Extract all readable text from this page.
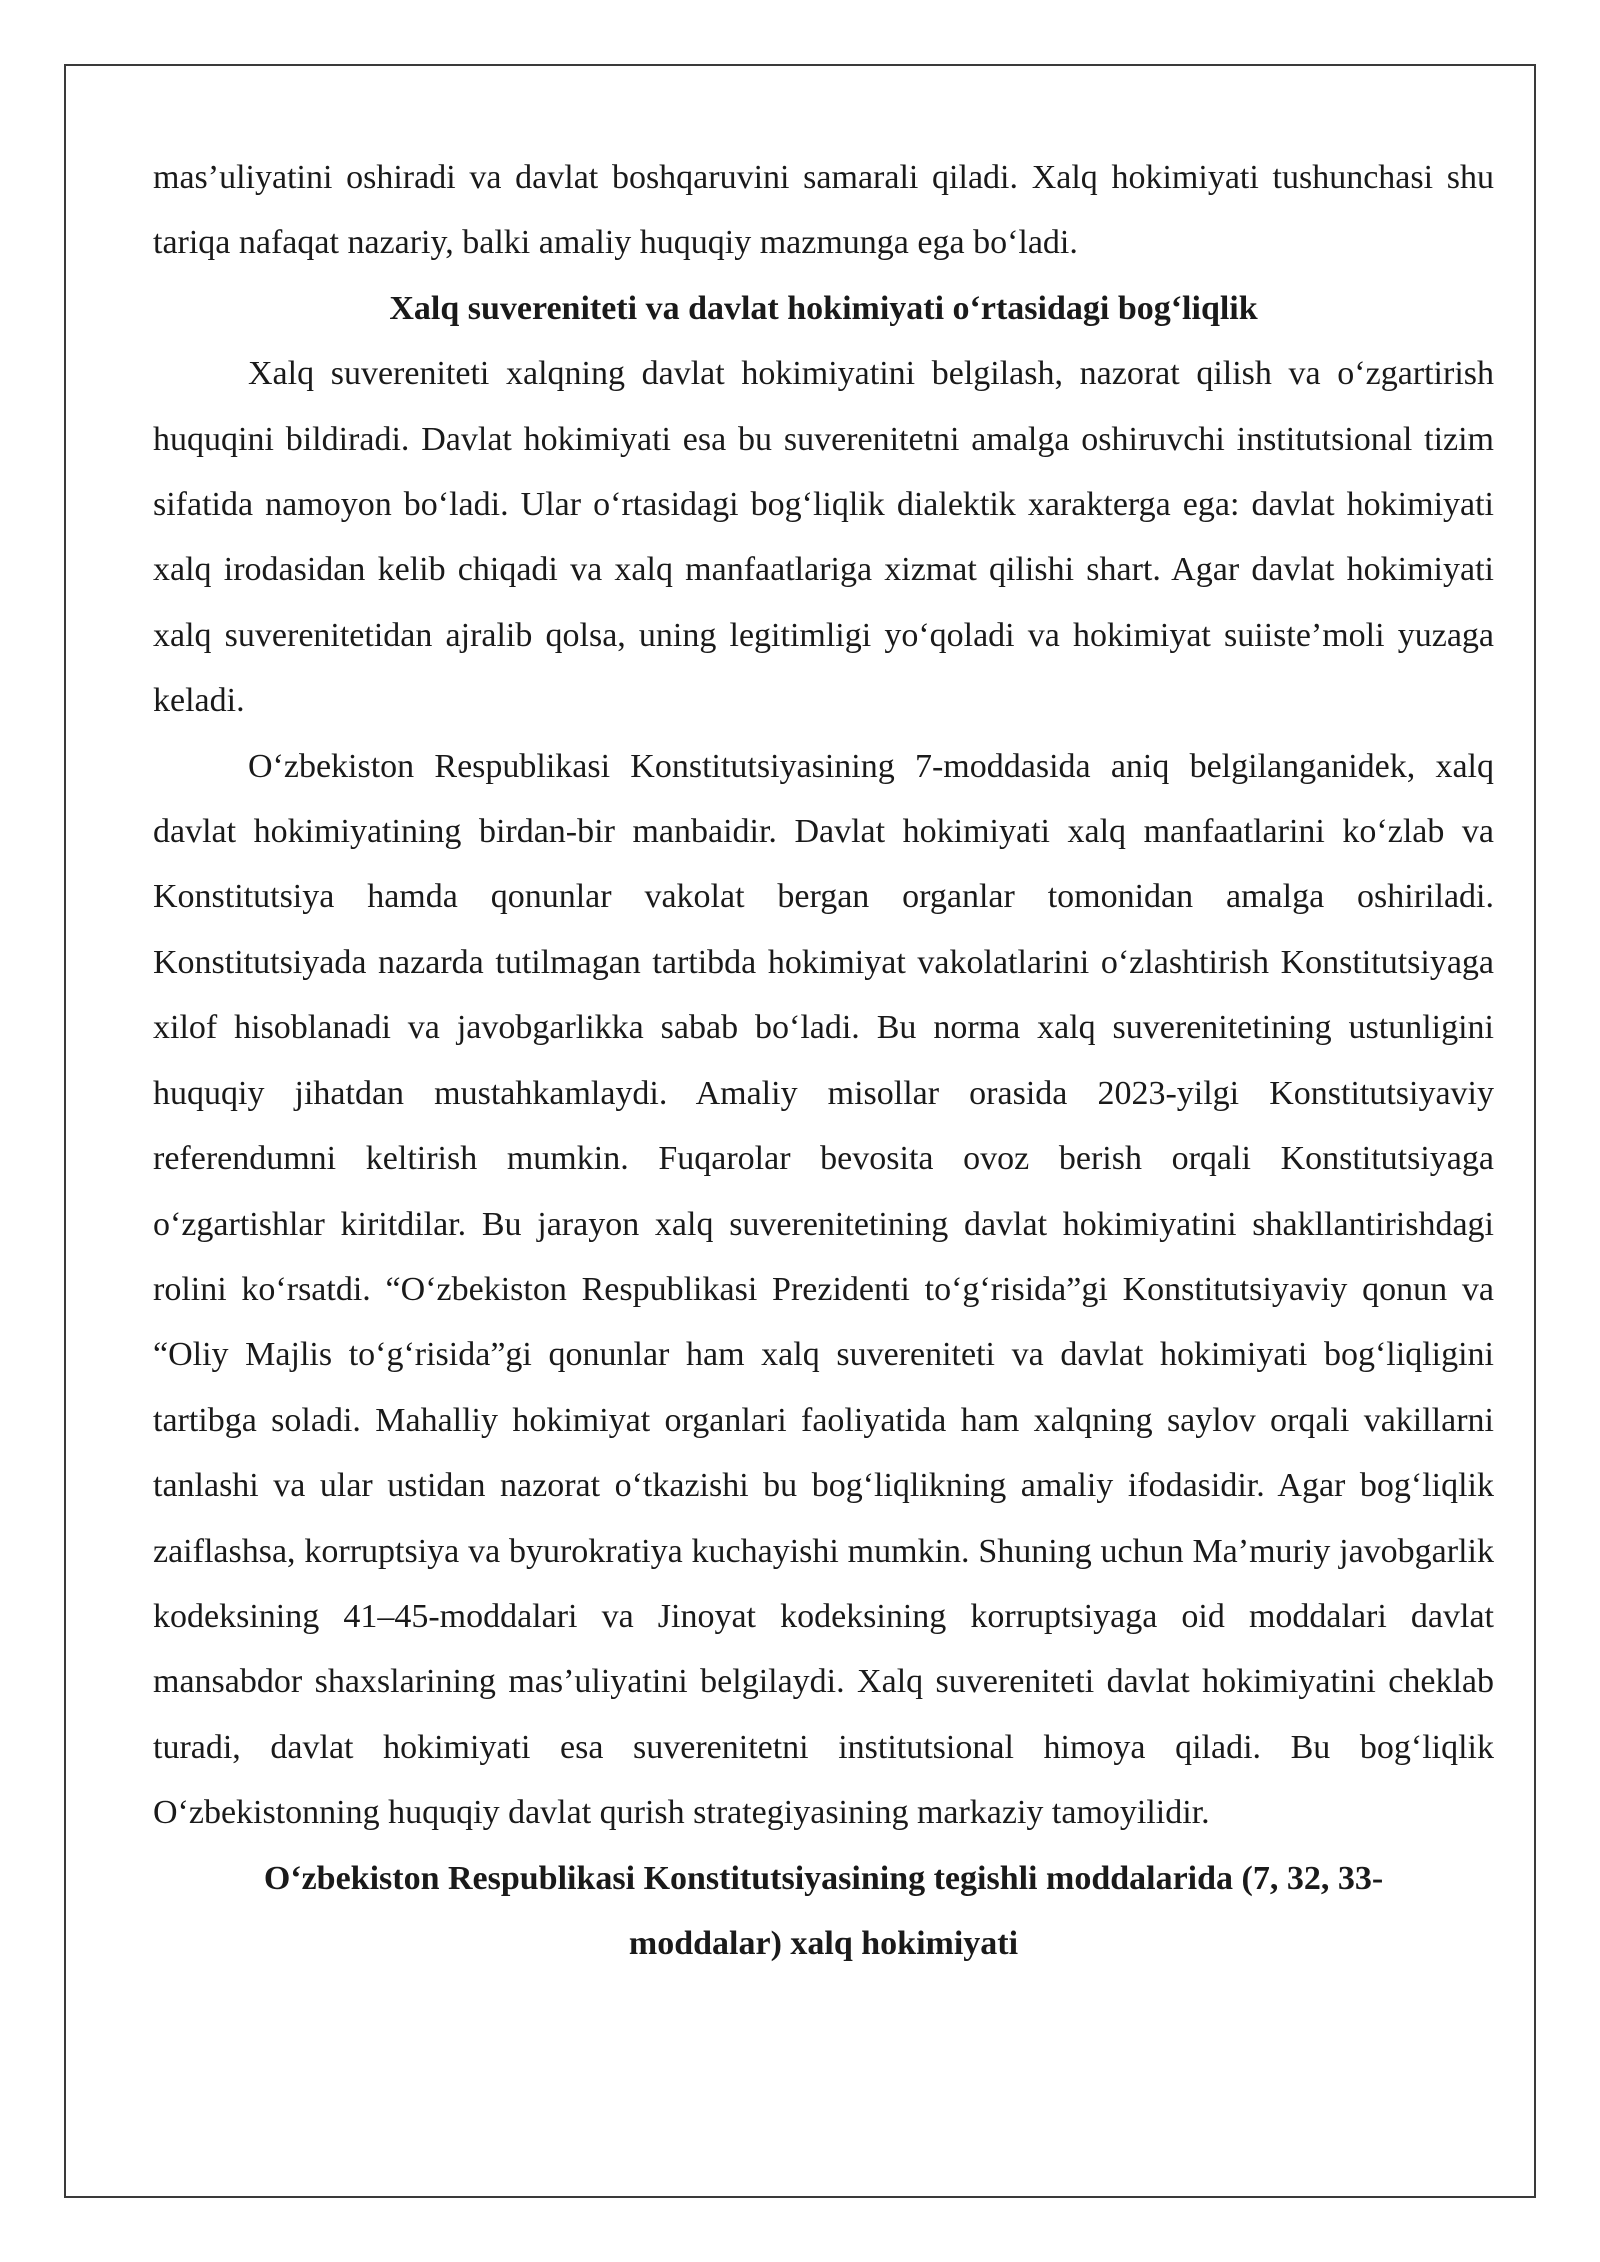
mas’uliyatini oshiradi va davlat boshqaruvini samarali qiladi. Xalq hokimiyati tushunchasi shu tariqa nafaqat nazariy, balki amaliy huquqiy mazmunga ega bo‘ladi.

Xalq suvereniteti va davlat hokimiyati o‘rtasidagi bog‘liqlik

Xalq suvereniteti xalqning davlat hokimiyatini belgilash, nazorat qilish va o‘zgartirish huquqini bildiradi. Davlat hokimiyati esa bu suverenitetni amalga oshiruvchi institutsional tizim sifatida namoyon bo‘ladi. Ular o‘rtasidagi bog‘liqlik dialektik xarakterga ega: davlat hokimiyati xalq irodasidan kelib chiqadi va xalq manfaatlariga xizmat qilishi shart. Agar davlat hokimiyati xalq suverenitetidan ajralib qolsa, uning legitimligi yo‘qoladi va hokimiyat suiiste’moli yuzaga keladi.

O‘zbekiston Respublikasi Konstitutsiyasining 7-moddasida aniq belgilanganidek, xalq davlat hokimiyatining birdan-bir manbaidir. Davlat hokimiyati xalq manfaatlarini ko‘zlab va Konstitutsiya hamda qonunlar vakolat bergan organlar tomonidan amalga oshiriladi. Konstitutsiyada nazarda tutilmagan tartibda hokimiyat vakolatlarini o‘zlashtirish Konstitutsiyaga xilof hisoblanadi va javobgarlikka sabab bo‘ladi. Bu norma xalq suverenitetining ustunligini huquqiy jihatdan mustahkamlaydi. Amaliy misollar orasida 2023-yilgi Konstitutsiyaviy referendumni keltirish mumkin. Fuqarolar bevosita ovoz berish orqali Konstitutsiyaga o‘zgartishlar kiritdilar. Bu jarayon xalq suverenitetining davlat hokimiyatini shakllantirishdagi rolini ko‘rsatdi. “O‘zbekiston Respublikasi Prezidenti to‘g‘risida”gi Konstitutsiyaviy qonun va “Oliy Majlis to‘g‘risida”gi qonunlar ham xalq suvereniteti va davlat hokimiyati bog‘liqligini tartibga soladi. Mahalliy hokimiyat organlari faoliyatida ham xalqning saylov orqali vakillarni tanlashi va ular ustidan nazorat o‘tkazishi bu bog‘liqlikning amaliy ifodasidir. Agar bog‘liqlik zaiflashsa, korruptsiya va byurokratiya kuchayishi mumkin. Shuning uchun Ma’muriy javobgarlik kodeksining 41–45-moddalari va Jinoyat kodeksining korruptsiyaga oid moddalari davlat mansabdor shaxslarining mas’uliyatini belgilaydi. Xalq suvereniteti davlat hokimiyatini cheklab turadi, davlat hokimiyati esa suverenitetni institutsional himoya qiladi. Bu bog‘liqlik O‘zbekistonning huquqiy davlat qurish strategiyasining markaziy tamoyilidir.

O‘zbekiston Respublikasi Konstitutsiyasining tegishli moddalarida (7, 32, 33-
moddalar) xalq hokimiyati
